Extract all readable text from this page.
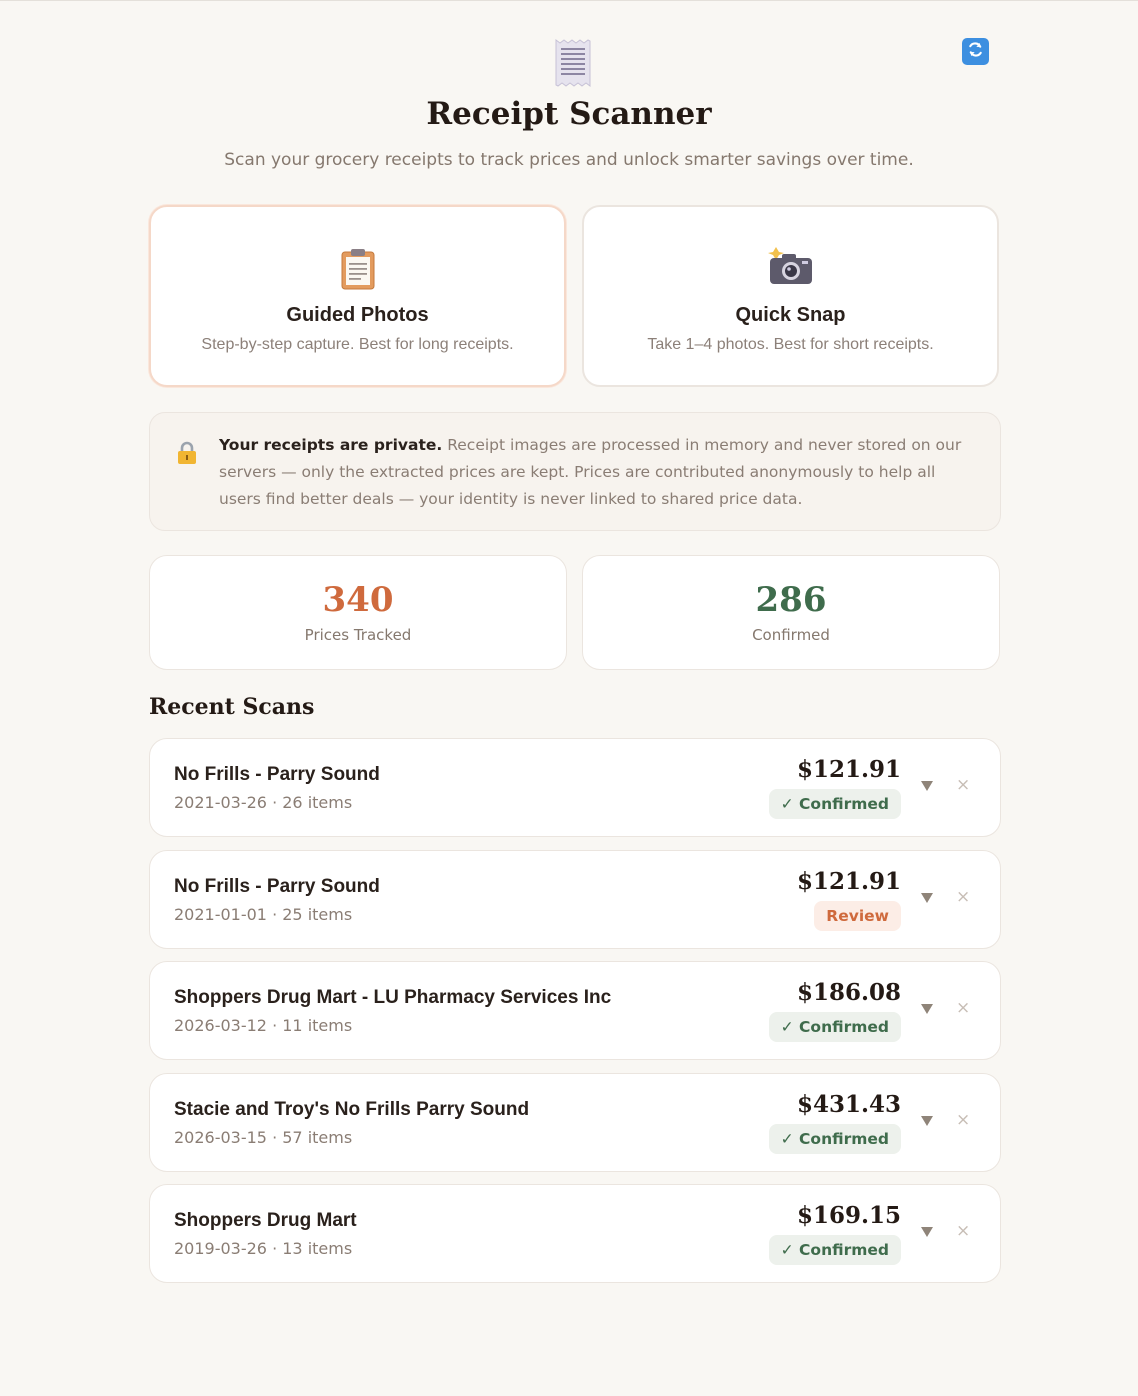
Receipt Scanner
Scan your grocery receipts to track prices and unlock smarter savings over time.
Guided Photos
Step-by-step capture. Best for long receipts.
Quick Snap
Take 1–4 photos. Best for short receipts.
Your receipts are private. Receipt images are processed in memory and never stored on our servers — only the extracted prices are kept. Prices are contributed anonymously to help all users find better deals — your identity is never linked to shared price data.
340
Prices Tracked
286
Confirmed
Recent Scans
No Frills - Parry Sound
2021-03-26 · 26 items
$121.91
✓ Confirmed
×
No Frills - Parry Sound
2021-01-01 · 25 items
$121.91
Review
×
Shoppers Drug Mart - LU Pharmacy Services Inc
2026-03-12 · 11 items
$186.08
✓ Confirmed
×
Stacie and Troy's No Frills Parry Sound
2026-03-15 · 57 items
$431.43
✓ Confirmed
×
Shoppers Drug Mart
2019-03-26 · 13 items
$169.15
✓ Confirmed
×
